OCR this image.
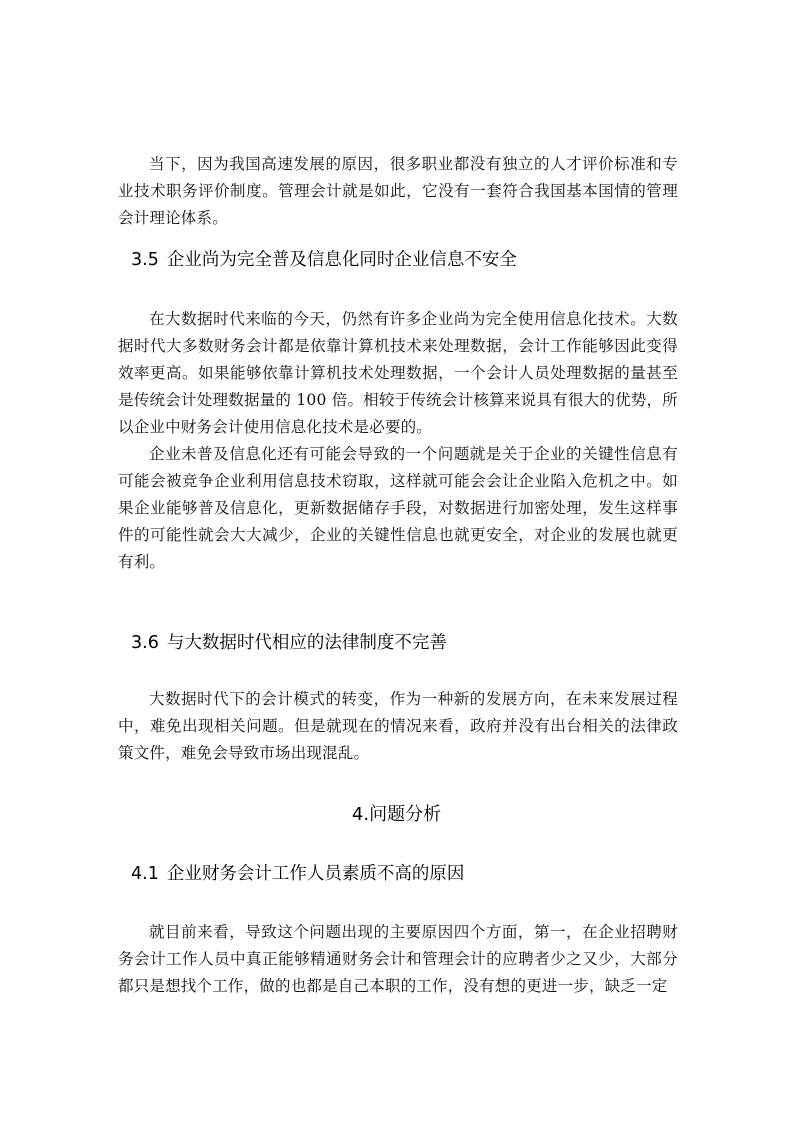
当下，因为我国高速发展的原因，很多职业都没有独立的人才评价标准和专业技术职务评价制度。管理会计就是如此，它没有一套符合我国基本国情的管理会计理论体系。

3.5 企业尚为完全普及信息化同时企业信息不安全

在大数据时代来临的今天，仍然有许多企业尚为完全使用信息化技术。大数据时代大多数财务会计都是依靠计算机技术来处理数据，会计工作能够因此变得效率更高。如果能够依靠计算机技术处理数据，一个会计人员处理数据的量甚至是传统会计处理数据量的 100 倍。相较于传统会计核算来说具有很大的优势，所以企业中财务会计使用信息化技术是必要的。

企业未普及信息化还有可能会导致的一个问题就是关于企业的关键性信息有可能会被竞争企业利用信息技术窃取，这样就可能会会让企业陷入危机之中。如果企业能够普及信息化，更新数据储存手段，对数据进行加密处理，发生这样事件的可能性就会大大减少，企业的关键性信息也就更安全，对企业的发展也就更有利。

3.6 与大数据时代相应的法律制度不完善

大数据时代下的会计模式的转变，作为一种新的发展方向，在未来发展过程中，难免出现相关问题。但是就现在的情况来看，政府并没有出台相关的法律政策文件，难免会导致市场出现混乱。

4.问题分析
4.1 企业财务会计工作人员素质不高的原因

就目前来看，导致这个问题出现的主要原因四个方面，第一，在企业招聘财务会计工作人员中真正能够精通财务会计和管理会计的应聘者少之又少，大部分都只是想找个工作，做的也都是自己本职的工作，没有想的更进一步，缺乏一定
